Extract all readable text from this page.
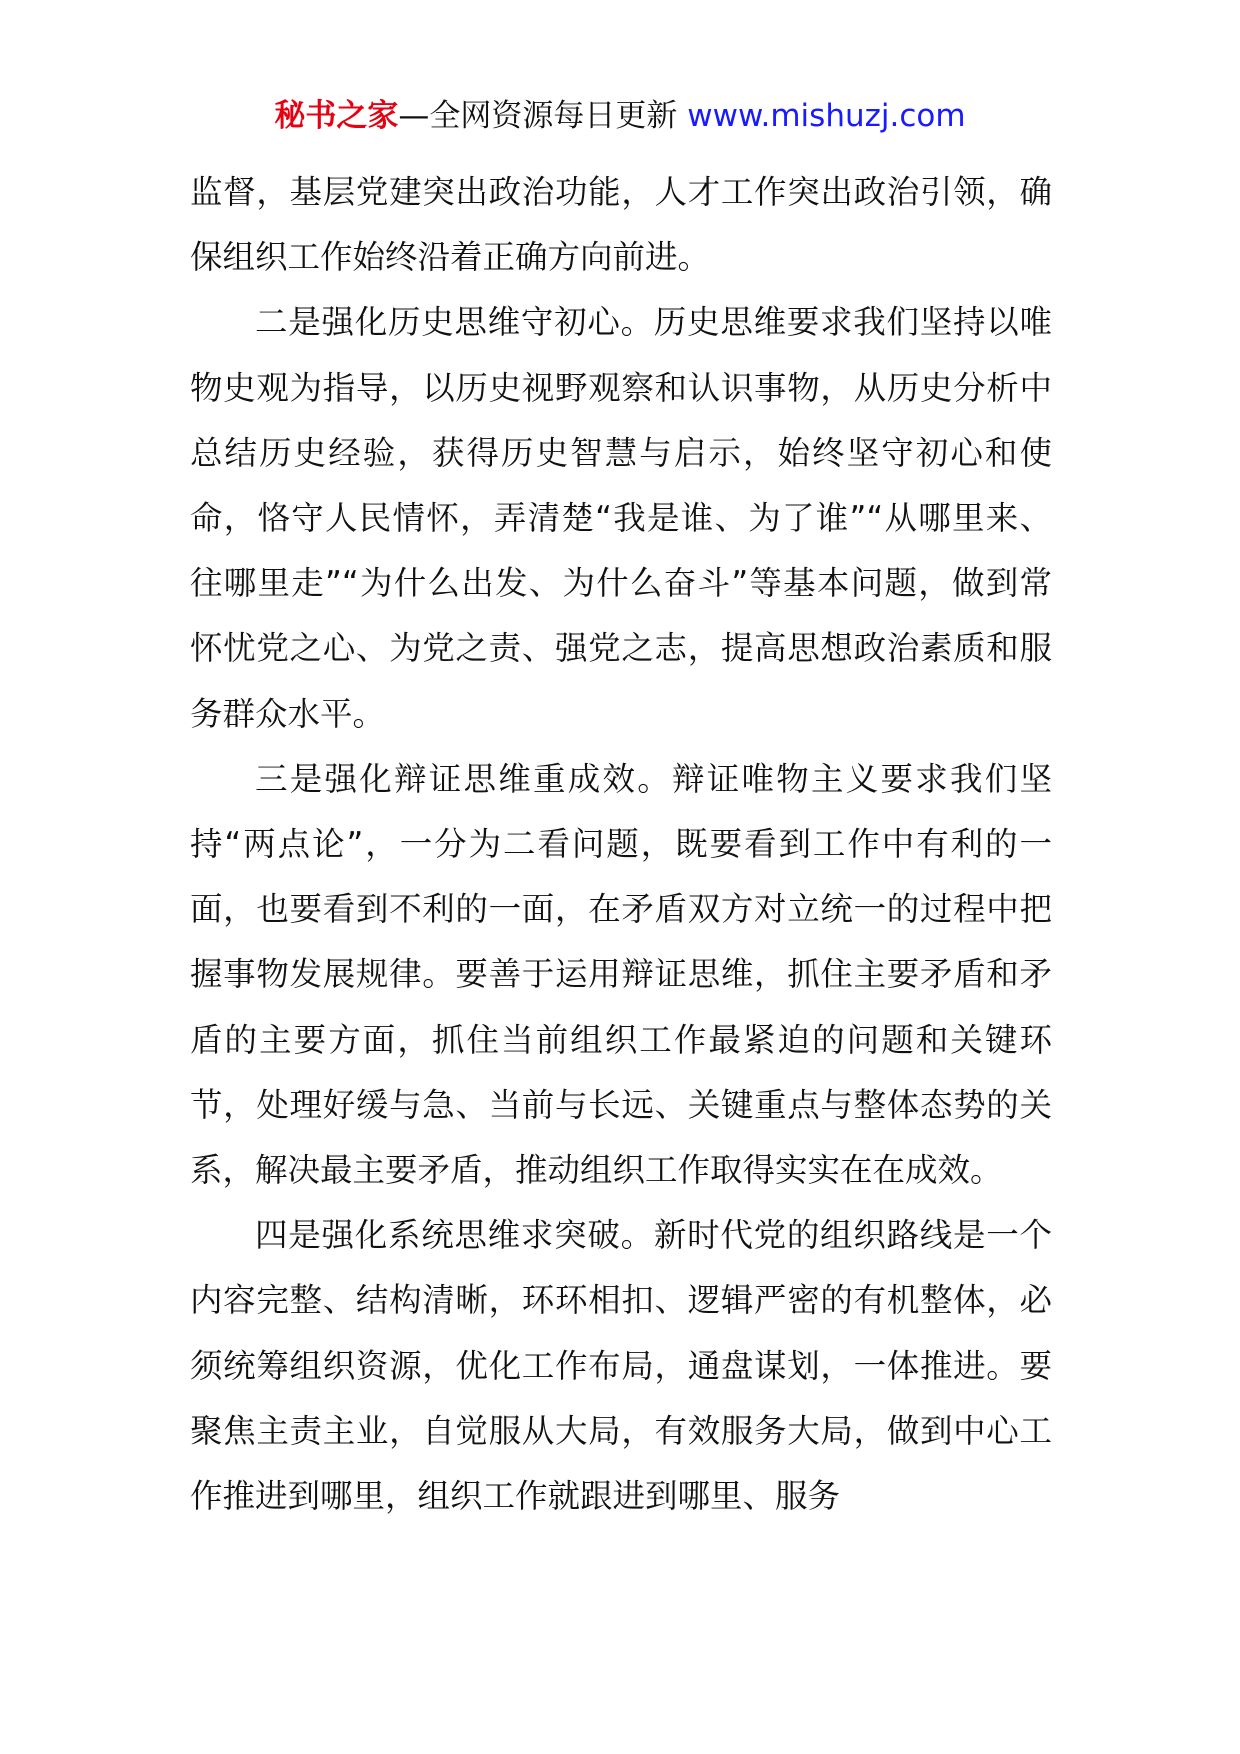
秘书之家—全网资源每日更新 www.mishuzj.com

监督，基层党建突出政治功能，人才工作突出政治引领，确保组织工作始终沿着正确方向前进。

二是强化历史思维守初心。历史思维要求我们坚持以唯物史观为指导，以历史视野观察和认识事物，从历史分析中总结历史经验，获得历史智慧与启示，始终坚守初心和使命，恪守人民情怀，弄清楚“我是谁、为了谁”“从哪里来、往哪里走”“为什么出发、为什么奋斗”等基本问题，做到常怀忧党之心、为党之责、强党之志，提高思想政治素质和服务群众水平。

三是强化辩证思维重成效。辩证唯物主义要求我们坚持“两点论”，一分为二看问题，既要看到工作中有利的一面，也要看到不利的一面，在矛盾双方对立统一的过程中把握事物发展规律。要善于运用辩证思维，抓住主要矛盾和矛盾的主要方面，抓住当前组织工作最紧迫的问题和关键环节，处理好缓与急、当前与长远、关键重点与整体态势的关系，解决最主要矛盾，推动组织工作取得实实在在成效。

四是强化系统思维求突破。新时代党的组织路线是一个内容完整、结构清晰，环环相扣、逻辑严密的有机整体，必须统筹组织资源，优化工作布局，通盘谋划，一体推进。要聚焦主责主业，自觉服从大局，有效服务大局，做到中心工作推进到哪里，组织工作就跟进到哪里、服务
